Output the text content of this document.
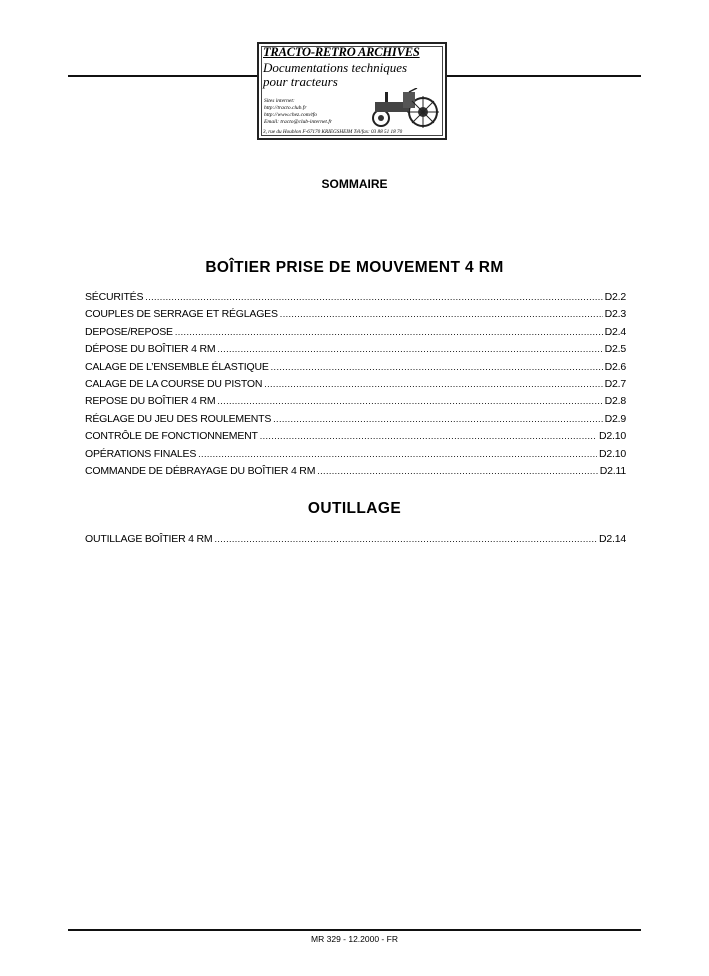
TRACTO-RETRO ARCHIVES
Documentations techniques
pour tracteurs
Sites internet:
http://tracto.club.fr
http://www.chez.com/tfo
Email: tracto@club-internet.fr
3, rue du Houblon F-67170 KRIEGSHEIM Tél/fax: 03 88 51 18 70
SOMMAIRE
BOÎTIER PRISE DE MOUVEMENT 4 RM
SÉCURITÉS .....	D2.2
COUPLES DE SERRAGE ET RÉGLAGES .....	D2.3
DEPOSE/REPOSE .....	D2.4
DÉPOSE DU BOÎTIER 4 RM .....	D2.5
CALAGE DE L’ENSEMBLE ÉLASTIQUE .....	D2.6
CALAGE DE LA COURSE DU PISTON .....	D2.7
REPOSE DU BOÎTIER 4 RM .....	D2.8
RÉGLAGE DU JEU DES ROULEMENTS .....	D2.9
CONTRÔLE DE FONCTIONNEMENT .....	D2.10
OPÉRATIONS FINALES .....	D2.10
COMMANDE DE DÉBRAYAGE DU BOÎTIER 4 RM .....	D2.11
OUTILLAGE
OUTILLAGE BOÎTIER 4 RM .....	D2.14
MR 329 - 12.2000 - FR
